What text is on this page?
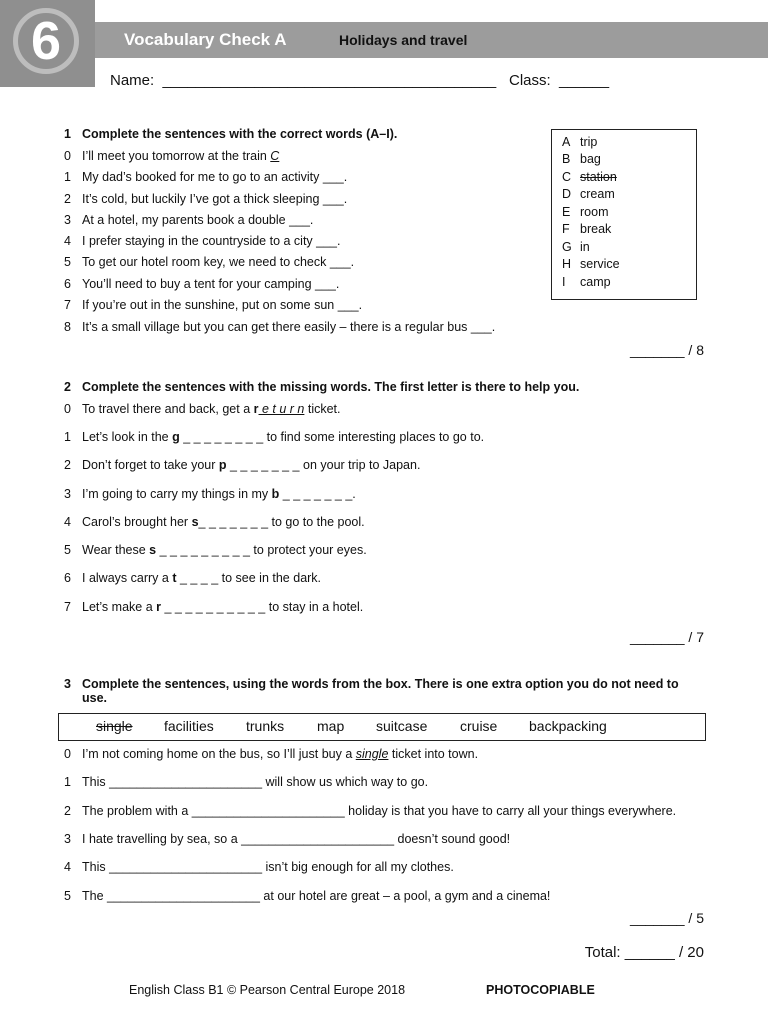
6	Vocabulary Check A	Holidays and travel
Name:  ________________________________________ Class:  ______
1 Complete the sentences with the correct words (A–I).
0 I’ll meet you tomorrow at the train C
1 My dad’s booked for me to go to an activity ___.
2 It’s cold, but luckily I’ve got a thick sleeping ___.
3 At a hotel, my parents book a double ___.
4 I prefer staying in the countryside to a city ___.
5 To get our hotel room key, we need to check ___.
6 You’ll need to buy a tent for your camping ___.
7 If you’re out in the sunshine, put on some sun ___.
8 It’s a small village but you can get there easily – there is a regular bus ___.
A trip
B bag
C station
D cream
E room
F break
G in
H service
I camp
_______ / 8
2 Complete the sentences with the missing words. The first letter is there to help you.
0 To travel there and back, get a r e t u r n ticket.
1 Let’s look in the g _ _ _ _ _ _ _ _ to find some interesting places to go to.
2 Don’t forget to take your p _ _ _ _ _ _ _ on your trip to Japan.
3 I’m going to carry my things in my b _ _ _ _ _ _ _.
4 Carol’s brought her s_ _ _ _ _ _ _ to go to the pool.
5 Wear these s _ _ _ _ _ _ _ _ _ to protect your eyes.
6 I always carry a t _ _ _ _ to see in the dark.
7 Let’s make a r _ _ _ _ _ _ _ _ _ _ to stay in a hotel.
_______ / 7
3 Complete the sentences, using the words from the box. There is one extra option you do not need to
use.
single facilities trunks map suitcase cruise backpacking
0 I’m not coming home on the bus, so I’ll just buy a single ticket into town.
1 This ______________________ will show us which way to go.
2 The problem with a ______________________ holiday is that you have to carry all your things everywhere.
3 I hate travelling by sea, so a ______________________ doesn’t sound good!
4 This ______________________ isn’t big enough for all my clothes.
5 The ______________________ at our hotel are great – a pool, a gym and a cinema!
_______ / 5
Total: ______ / 20
English Class B1 © Pearson Central Europe 2018	PHOTOCOPIABLE
